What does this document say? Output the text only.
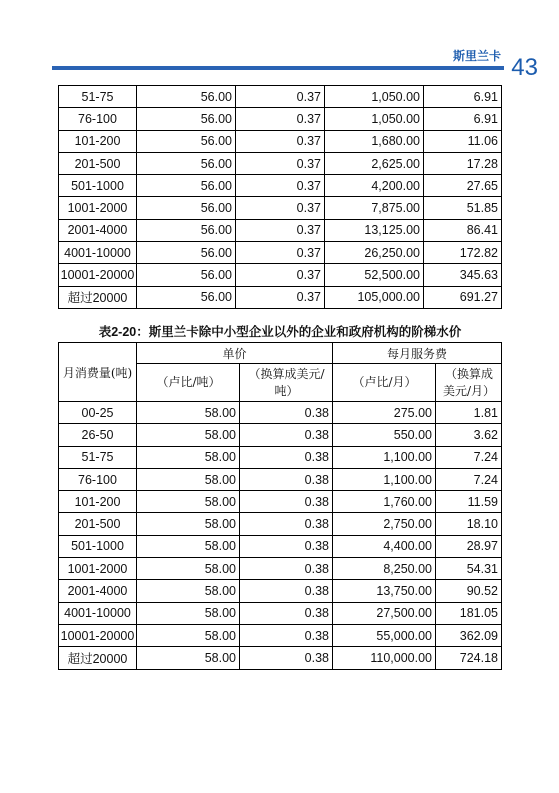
斯里兰卡 43
51-75	56.00	0.37	1,050.00	6.91
76-100	56.00	0.37	1,050.00	6.91
101-200	56.00	0.37	1,680.00	11.06
201-500	56.00	0.37	2,625.00	17.28
501-1000	56.00	0.37	4,200.00	27.65
1001-2000	56.00	0.37	7,875.00	51.85
2001-4000	56.00	0.37	13,125.00	86.41
4001-10000	56.00	0.37	26,250.00	172.82
10001-20000	56.00	0.37	52,500.00	345.63
超过20000	56.00	0.37	105,000.00	691.27
表2-20：斯里兰卡除中小型企业以外的企业和政府机构的阶梯水价
月消费量(吨)	单价		每月服务费	
	（卢比/吨）	（换算成美元/吨）	（卢比/月）	（换算成美元/月）
00-25	58.00	0.38	275.00	1.81
26-50	58.00	0.38	550.00	3.62
51-75	58.00	0.38	1,100.00	7.24
76-100	58.00	0.38	1,100.00	7.24
101-200	58.00	0.38	1,760.00	11.59
201-500	58.00	0.38	2,750.00	18.10
501-1000	58.00	0.38	4,400.00	28.97
1001-2000	58.00	0.38	8,250.00	54.31
2001-4000	58.00	0.38	13,750.00	90.52
4001-10000	58.00	0.38	27,500.00	181.05
10001-20000	58.00	0.38	55,000.00	362.09
超过20000	58.00	0.38	110,000.00	724.18
